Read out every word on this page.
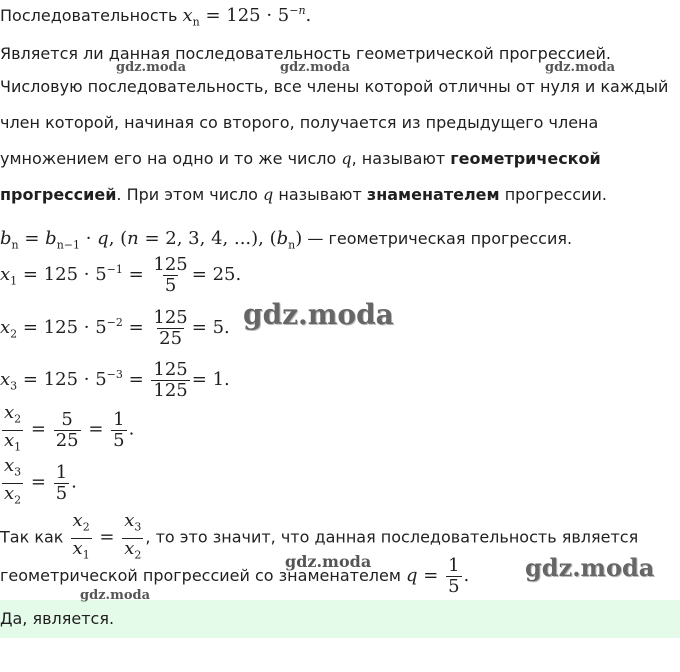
Последовательность $x_n = 125 \cdot 5^{-n}$.
Является ли данная последовательность геометрической прогрессией.
Числовую последовательность, все члены которой отличны от нуля и каждый
член которой, начиная со второго, получается из предыдущего члена
умножением его на одно и то же число q, называют геометрической
прогрессией. При этом число q называют знаменателем прогрессии.
$b_n = b_{n-1} \cdot q$, (n = 2, 3, 4, ...), $(b_n)$ — геометрическая прогрессия.
$x_1 = 125 \cdot 5^{-1} = \frac{125}{5} = 25$.
$x_2 = 125 \cdot 5^{-2} = \frac{125}{25} = 5$.
$x_3 = 125 \cdot 5^{-3} = \frac{125}{125} = 1$.
$\frac{x_2}{x_1} = \frac{5}{25} = \frac{1}{5}$ .
$\frac{x_3}{x_2} = \frac{1}{5}$ .
Так как $\frac{x_2}{x_1} = \frac{x_3}{x_2}$ , то это значит, что данная последовательность является
геометрической прогрессией со знаменателем $q = \frac{1}{5}$ .
Да, является.
gdz.moda	gdz.moda	gdz.moda
gdz.moda
gdz.moda	gdz.moda
gdz.moda
